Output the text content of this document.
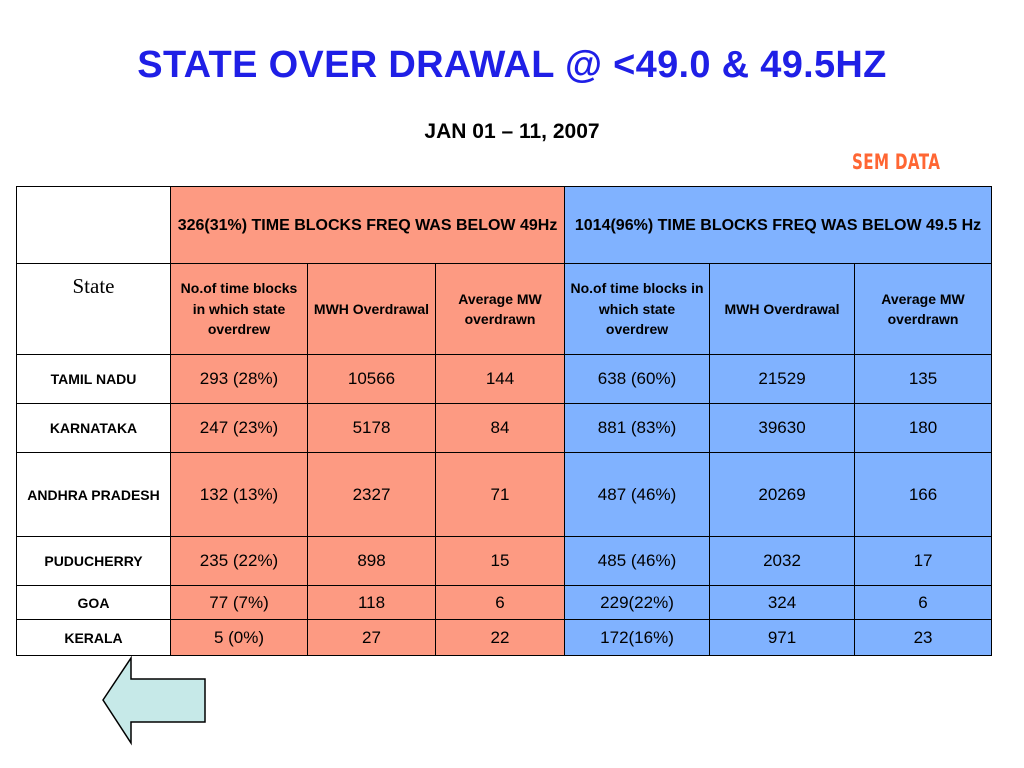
STATE OVER DRAWAL @ <49.0 & 49.5HZ
JAN 01 – 11, 2007
SEM DATA
	326(31%) TIME BLOCKS FREQ WAS BELOW 49Hz			1014(96%) TIME BLOCKS FREQ WAS BELOW 49.5 Hz		
State	No.of time blocks in which state overdrew	MWH Overdrawal	Average MW overdrawn	No.of time blocks in which state overdrew	MWH Overdrawal	Average MW overdrawn
TAMIL NADU	293 (28%)	10566	144	638 (60%)	21529	135
KARNATAKA	247 (23%)	5178	84	881 (83%)	39630	180
ANDHRA PRADESH	132 (13%)	2327	71	487 (46%)	20269	166
PUDUCHERRY	235 (22%)	898	15	485 (46%)	2032	17
GOA	77 (7%)	118	6	229(22%)	324	6
KERALA	5 (0%)	27	22	172(16%)	971	23
